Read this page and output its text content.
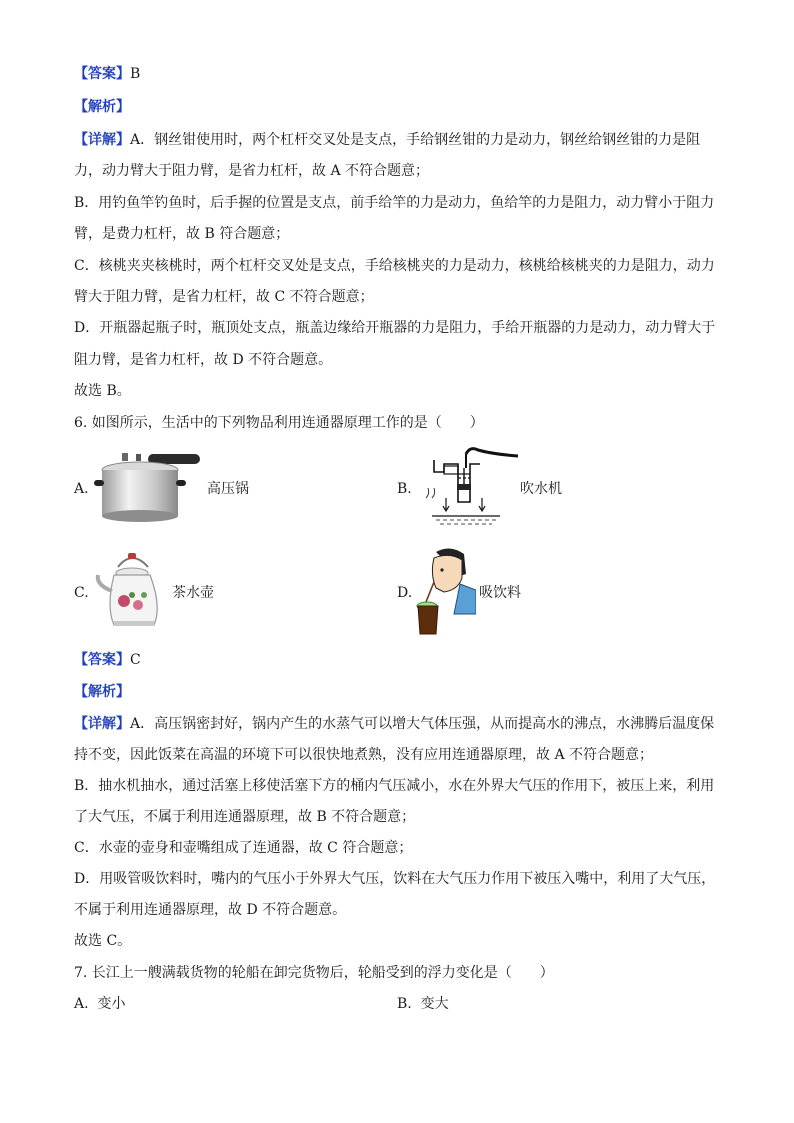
【答案】B
【解析】
【详解】A．钢丝钳使用时，两个杠杆交叉处是支点，手给钢丝钳的力是动力，钢丝给钢丝钳的力是阻
力，动力臂大于阻力臂，是省力杠杆，故 A 不符合题意；
B．用钓鱼竿钓鱼时，后手握的位置是支点，前手给竿的力是动力，鱼给竿的力是阻力，动力臂小于阻力
臂，是费力杠杆，故 B 符合题意；
C．核桃夹夹核桃时，两个杠杆交叉处是支点，手给核桃夹的力是动力，核桃给核桃夹的力是阻力，动力
臂大于阻力臂，是省力杠杆，故 C 不符合题意；
D．开瓶器起瓶子时，瓶顶处支点，瓶盖边缘给开瓶器的力是阻力，手给开瓶器的力是动力，动力臂大于
阻力臂，是省力杠杆，故 D 不符合题意。
故选 B。
6. 如图所示，生活中的下列物品利用连通器原理工作的是（　　）
A.	高压锅	B.	吹水机
C.	茶水壶	D.	吸饮料
【答案】C
【解析】
【详解】A．高压锅密封好，锅内产生的水蒸气可以增大气体压强，从而提高水的沸点，水沸腾后温度保
持不变，因此饭菜在高温的环境下可以很快地煮熟，没有应用连通器原理，故 A 不符合题意；
B．抽水机抽水，通过活塞上移使活塞下方的桶内气压减小，水在外界大气压的作用下，被压上来，利用
了大气压，不属于利用连通器原理，故 B 不符合题意；
C．水壶的壶身和壶嘴组成了连通器，故 C 符合题意；
D．用吸管吸饮料时，嘴内的气压小于外界大气压，饮料在大气压力作用下被压入嘴中，利用了大气压，
不属于利用连通器原理，故 D 不符合题意。
故选 C。
7. 长江上一艘满载货物的轮船在卸完货物后，轮船受到的浮力变化是（　　）
A. 变小	B. 变大
